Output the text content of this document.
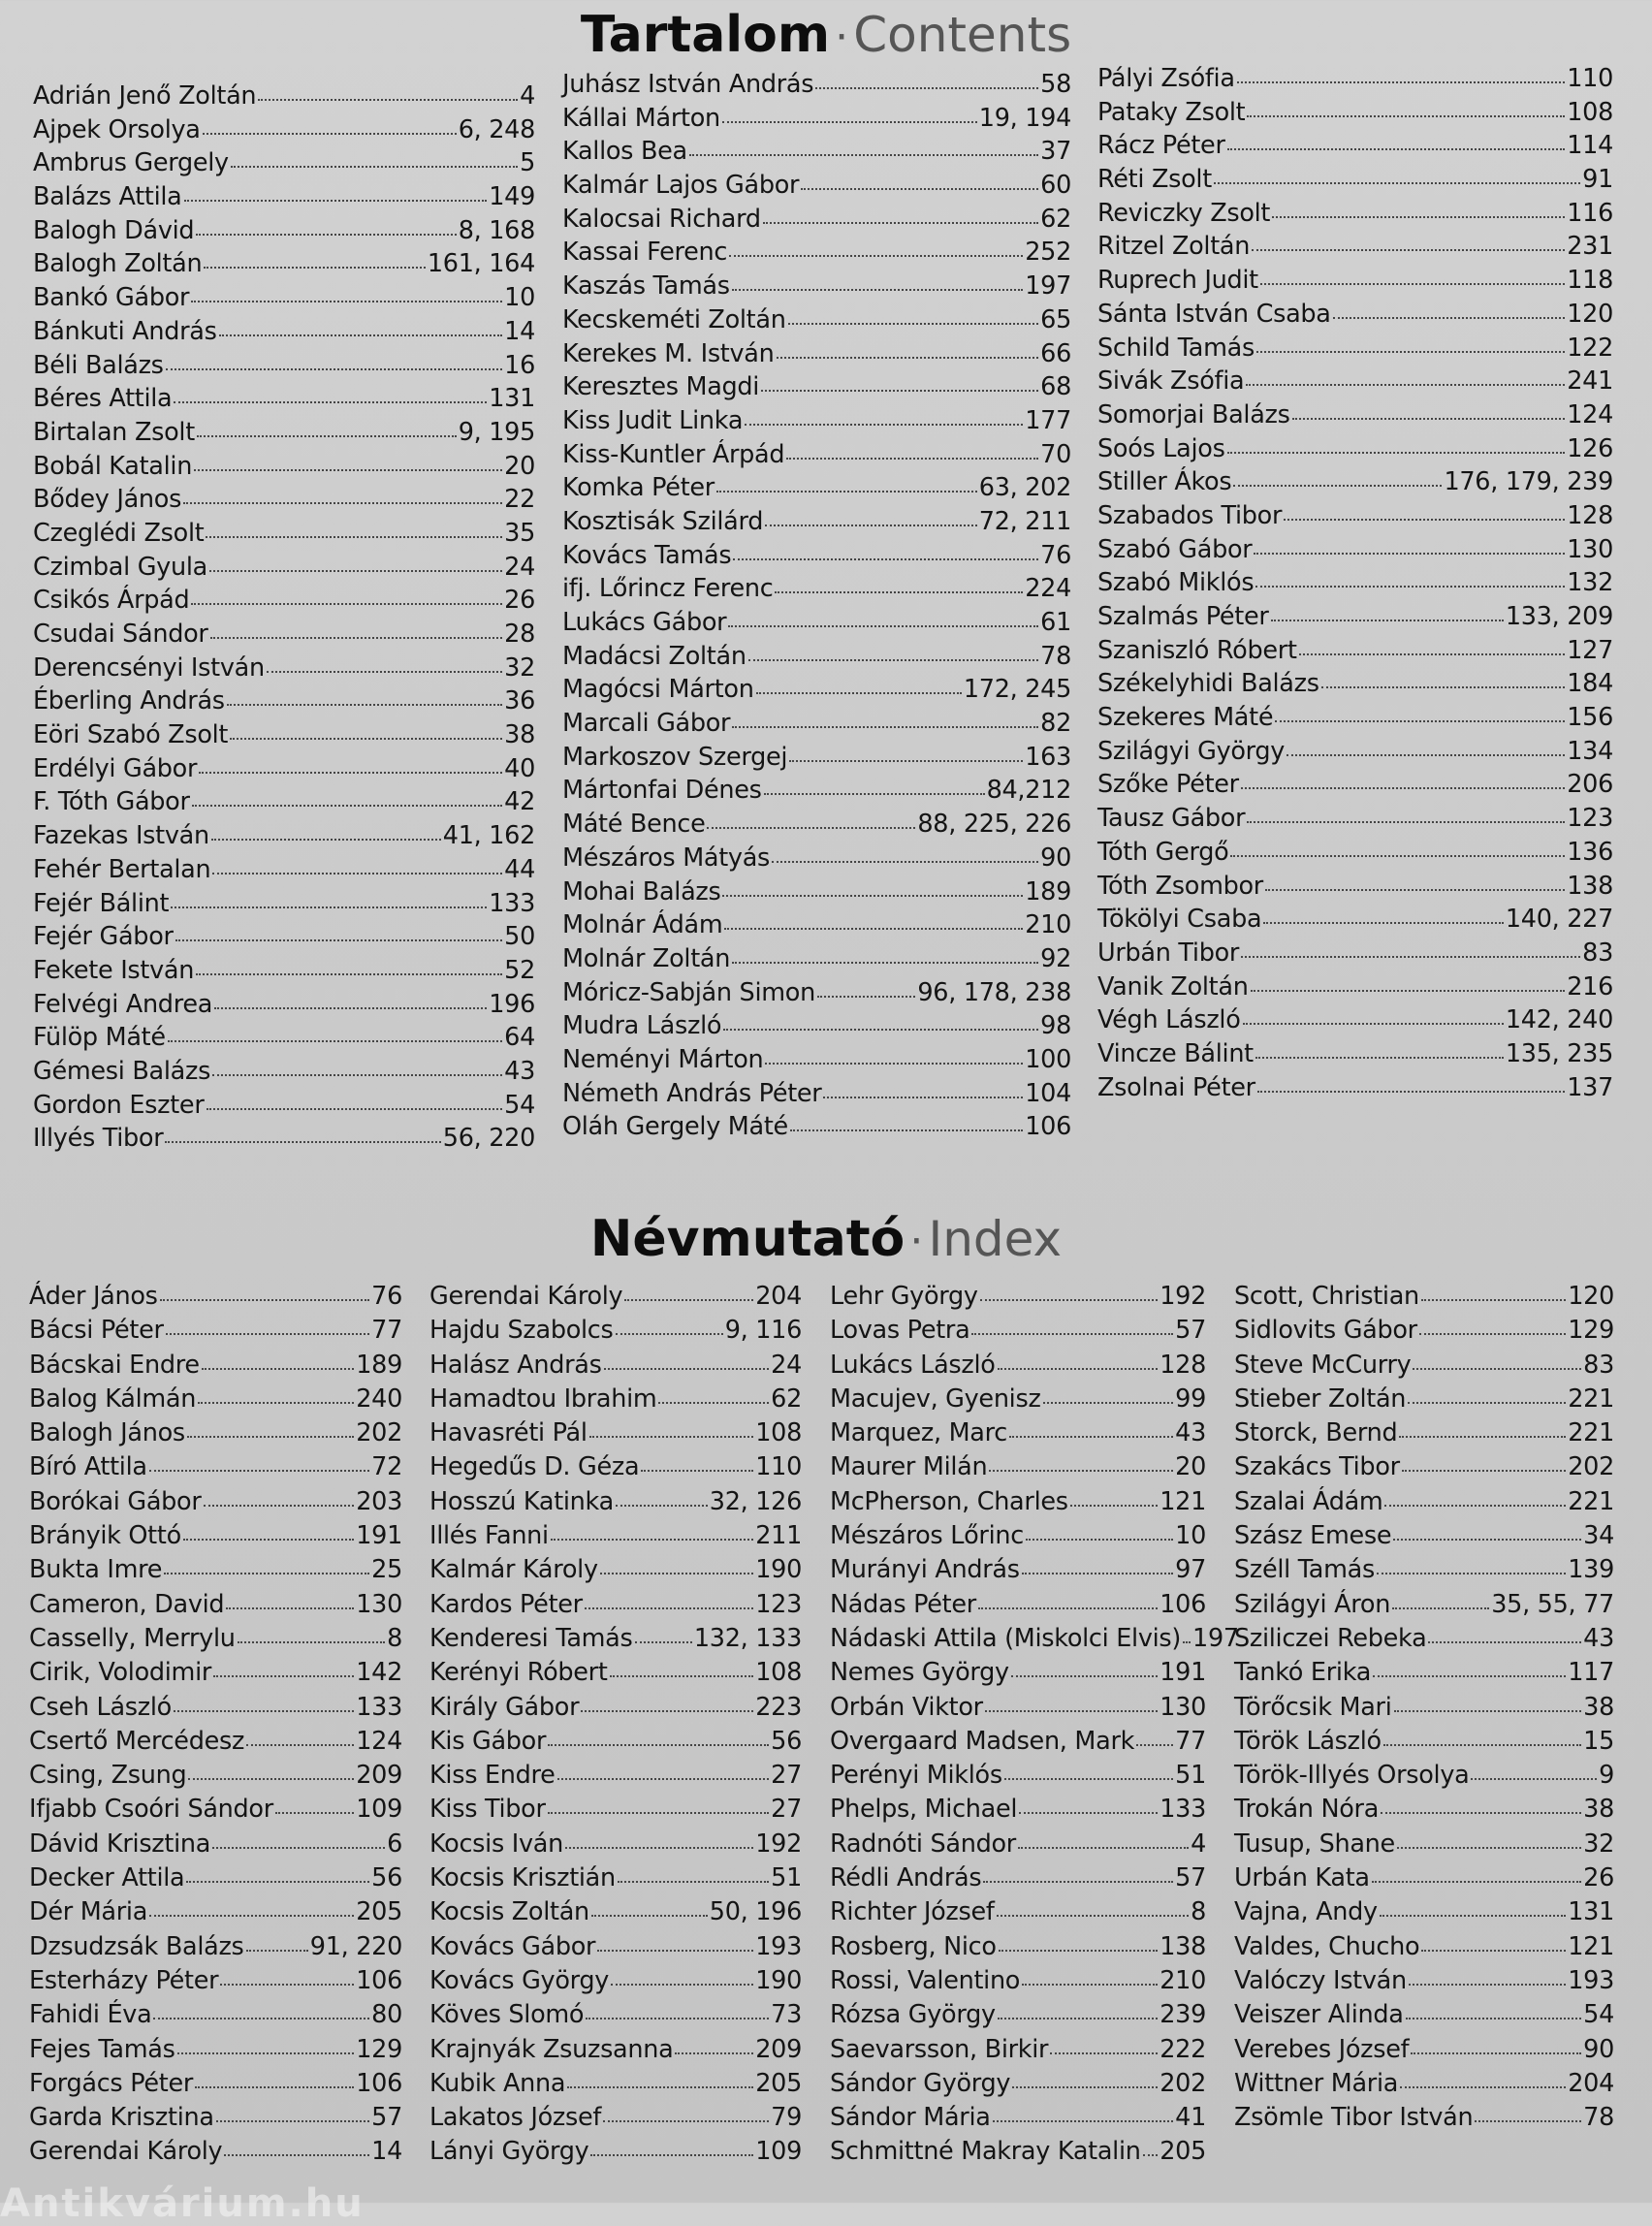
Tartalom · Contents
Adrián Jenő Zoltán	4
Ajpek Orsolya	6, 248
Ambrus Gergely	5
Balázs Attila	149
Balogh Dávid	8, 168
Balogh Zoltán	161, 164
Bankó Gábor	10
Bánkuti András	14
Béli Balázs	16
Béres Attila	131
Birtalan Zsolt	9, 195
Bobál Katalin	20
Bődey János	22
Czeglédi Zsolt	35
Czimbal Gyula	24
Csikós Árpád	26
Csudai Sándor	28
Derencsényi István	32
Éberling András	36
Eöri Szabó Zsolt	38
Erdélyi Gábor	40
F. Tóth Gábor	42
Fazekas István	41, 162
Fehér Bertalan	44
Fejér Bálint	133
Fejér Gábor	50
Fekete István	52
Felvégi Andrea	196
Fülöp Máté	64
Gémesi Balázs	43
Gordon Eszter	54
Illyés Tibor	56, 220
Juhász István András	58
Kállai Márton	19, 194
Kallos Bea	37
Kalmár Lajos Gábor	60
Kalocsai Richard	62
Kassai Ferenc	252
Kaszás Tamás	197
Kecskeméti Zoltán	65
Kerekes M. István	66
Keresztes Magdi	68
Kiss Judit Linka	177
Kiss-Kuntler Árpád	70
Komka Péter	63, 202
Kosztisák Szilárd	72, 211
Kovács Tamás	76
ifj. Lőrincz Ferenc	224
Lukács Gábor	61
Madácsi Zoltán	78
Magócsi Márton	172, 245
Marcali Gábor	82
Markoszov Szergej	163
Mártonfai Dénes	84,212
Máté Bence	88, 225, 226
Mészáros Mátyás	90
Mohai Balázs	189
Molnár Ádám	210
Molnár Zoltán	92
Móricz-Sabján Simon	96, 178, 238
Mudra László	98
Neményi Márton	100
Németh András Péter	104
Oláh Gergely Máté	106
Pályi Zsófia	110
Pataky Zsolt	108
Rácz Péter	114
Réti Zsolt	91
Reviczky Zsolt	116
Ritzel Zoltán	231
Ruprech Judit	118
Sánta István Csaba	120
Schild Tamás	122
Sivák Zsófia	241
Somorjai Balázs	124
Soós Lajos	126
Stiller Ákos	176, 179, 239
Szabados Tibor	128
Szabó Gábor	130
Szabó Miklós	132
Szalmás Péter	133, 209
Szaniszló Róbert	127
Székelyhidi Balázs	184
Szekeres Máté	156
Szilágyi György	134
Szőke Péter	206
Tausz Gábor	123
Tóth Gergő	136
Tóth Zsombor	138
Tökölyi Csaba	140, 227
Urbán Tibor	83
Vanik Zoltán	216
Végh László	142, 240
Vincze Bálint	135, 235
Zsolnai Péter	137
Névmutató · Index
Áder János	76
Bácsi Péter	77
Bácskai Endre	189
Balog Kálmán	240
Balogh János	202
Bíró Attila	72
Borókai Gábor	203
Brányik Ottó	191
Bukta Imre	25
Cameron, David	130
Casselly, Merrylu	8
Cirik, Volodimir	142
Cseh László	133
Csertő Mercédesz	124
Csing, Zsung	209
Ifjabb Csoóri Sándor	109
Dávid Krisztina	6
Decker Attila	56
Dér Mária	205
Dzsudzsák Balázs	91, 220
Esterházy Péter	106
Fahidi Éva	80
Fejes Tamás	129
Forgács Péter	106
Garda Krisztina	57
Gerendai Károly	14
Gerendai Károly	204
Hajdu Szabolcs	9, 116
Halász András	24
Hamadtou Ibrahim	62
Havasréti Pál	108
Hegedűs D. Géza	110
Hosszú Katinka	32, 126
Illés Fanni	211
Kalmár Károly	190
Kardos Péter	123
Kenderesi Tamás 132, 133
Kerényi Róbert	108
Király Gábor	223
Kis Gábor	56
Kiss Endre	27
Kiss Tibor	27
Kocsis Iván	192
Kocsis Krisztián	51
Kocsis Zoltán	50, 196
Kovács Gábor	193
Kovács György	190
Köves Slomó	73
Krajnyák Zsuzsanna	209
Kubik Anna	205
Lakatos József	79
Lányi György	109
Lehr György	192
Lovas Petra	57
Lukács László	128
Macujev, Gyenisz	99
Marquez, Marc	43
Maurer Milán	20
McPherson, Charles	121
Mészáros Lőrinc	10
Murányi András	97
Nádas Péter	106
Nádaski Attila (Miskolci Elvis) 197
Nemes György	191
Orbán Viktor	130
Overgaard Madsen, Mark 77
Perényi Miklós	51
Phelps, Michael	133
Radnóti Sándor	4
Rédli András	57
Richter József	8
Rosberg, Nico	138
Rossi, Valentino	210
Rózsa György	239
Saevarsson, Birkir	222
Sándor György	202
Sándor Mária	41
Schmittné Makray Katalin 205
Scott, Christian	120
Sidlovits Gábor	129
Steve McCurry	83
Stieber Zoltán	221
Storck, Bernd	221
Szakács Tibor	202
Szalai Ádám	221
Szász Emese	34
Széll Tamás	139
Szilágyi Áron	35, 55, 77
Sziliczei Rebeka	43
Tankó Erika	117
Törőcsik Mari	38
Török László	15
Török-Illyés Orsolya	9
Trokán Nóra	38
Tusup, Shane	32
Urbán Kata	26
Vajna, Andy	131
Valdes, Chucho	121
Valóczy István	193
Veiszer Alinda	54
Verebes József	90
Wittner Mária	204
Zsömle Tibor István	78
Antikvárium.hu
